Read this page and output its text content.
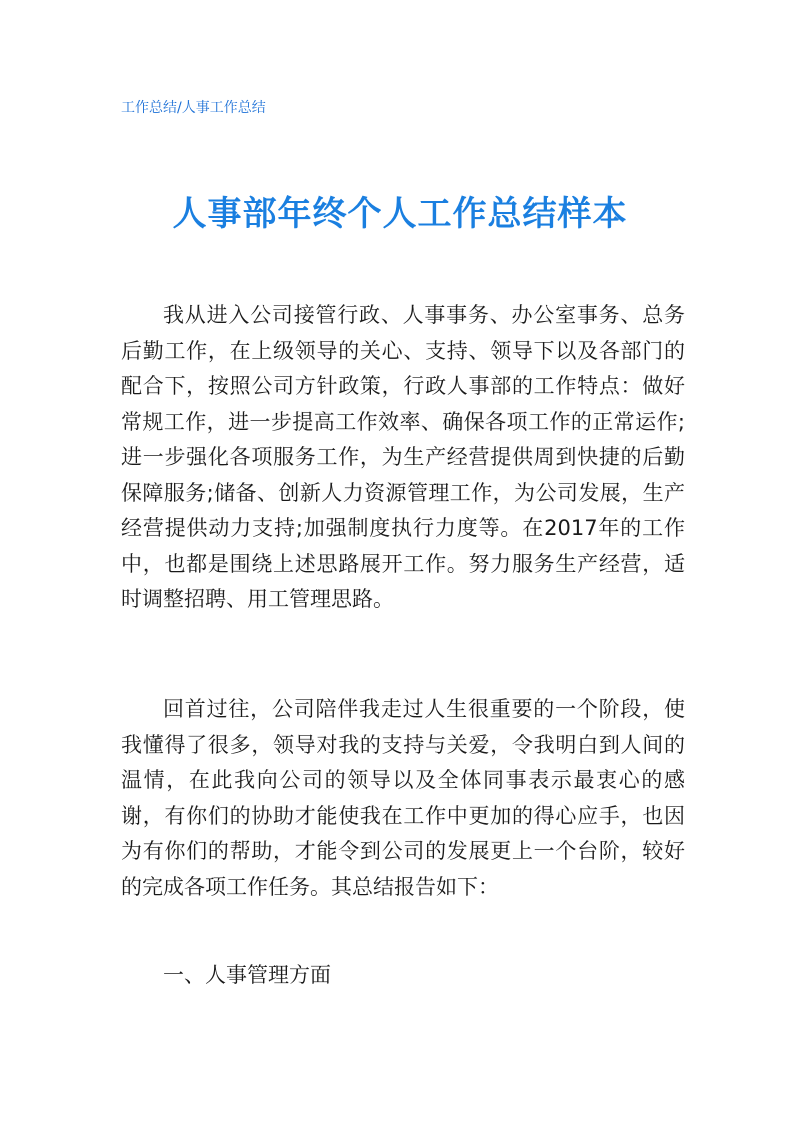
工作总结/人事工作总结
人事部年终个人工作总结样本

我从进入公司接管行政、人事事务、办公室事务、总务后勤工作，在上级领导的关心、支持、领导下以及各部门的配合下，按照公司方针政策，行政人事部的工作特点：做好常规工作，进一步提高工作效率、确保各项工作的正常运作;进一步强化各项服务工作，为生产经营提供周到快捷的后勤保障服务;储备、创新人力资源管理工作，为公司发展，生产经营提供动力支持;加强制度执行力度等。在2017年的工作中，也都是围绕上述思路展开工作。努力服务生产经营，适时调整招聘、用工管理思路。

回首过往，公司陪伴我走过人生很重要的一个阶段，使我懂得了很多，领导对我的支持与关爱，令我明白到人间的温情，在此我向公司的领导以及全体同事表示最衷心的感谢，有你们的协助才能使我在工作中更加的得心应手，也因为有你们的帮助，才能令到公司的发展更上一个台阶，较好的完成各项工作任务。其总结报告如下：

一、人事管理方面
